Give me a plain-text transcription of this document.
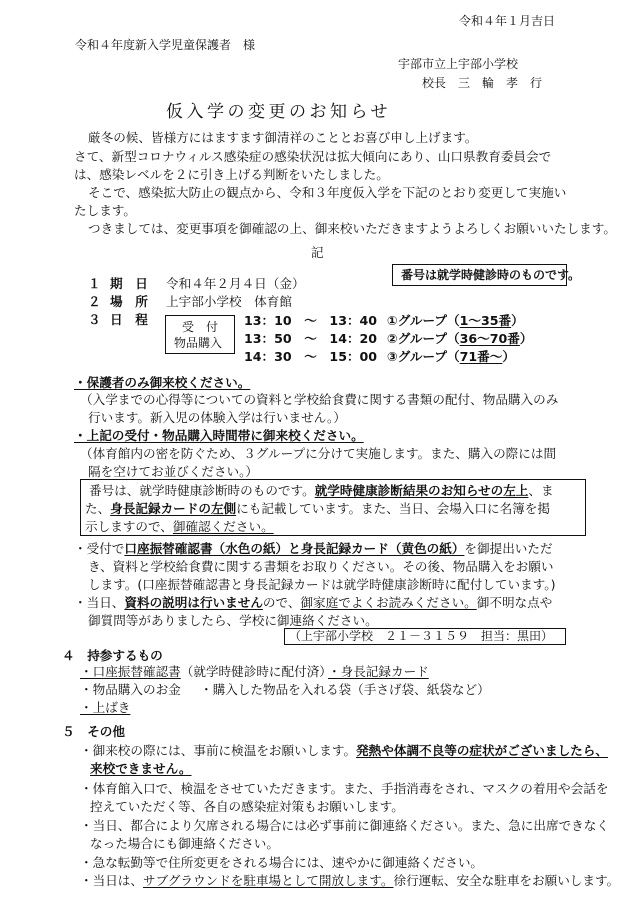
令和４年１月吉日
令和４年度新入学児童保護者　様
宇部市立上宇部小学校
校長　三　輪　孝　行
仮入学の変更のお知らせ
厳冬の候、皆様方にはますます御清祥のこととお喜び申し上げます。
さて、新型コロナウィルス感染症の感染状況は拡大傾向にあり、山口県教育委員会で
は、感染レベルを２に引き上げる判断をいたしました。
そこで、感染拡大防止の観点から、令和３年度仮入学を下記のとおり変更して実施い
たします。
つきましては、変更事項を御確認の上、御来校いただきますようよろしくお願いいたします。
記
番号は就学時健診時のものです。
１ 期　日 令和４年２月４日（金）
２ 場　所 上宇部小学校　体育館
３ 日　程	受　付
物品購入
13：10　～　13：40
13：50　～　14：20
14：30　～　15：00
①グループ（1～35番）
②グループ（36～70番）
③グループ（71番～）
・保護者のみ御来校ください。
（入学までの心得等についての資料と学校給食費に関する書類の配付、物品購入のみ
行います。新入児の体験入学は行いません。）
・上記の受付・物品購入時間帯に御来校ください。
（体育館内の密を防ぐため、３グループに分けて実施します。また、購入の際には間
隔を空けてお並びください。）
番号は、就学時健康診断時のものです。就学時健康診断結果のお知らせの左上、ま
た、身長記録カードの左側にも記載しています。また、当日、会場入口に名簿を掲
示しますので、御確認ください。
・受付で口座振替確認書（水色の紙）と身長記録カード（黄色の紙）を御提出いただ
き、資料と学校給食費に関する書類をお取りください。その後、物品購入をお願い
します。(口座振替確認書と身長記録カードは就学時健康診断時に配付しています。)
・当日、資料の説明は行いませんので、御家庭でよくお読みください。御不明な点や
御質問等がありましたら、学校に御連絡ください。
（上宇部小学校　２１－３１５９　担当：黒田）
４　持参するもの
・口座振替確認書（就学時健診時に配付済）
・身長記録カード
・物品購入のお金 ・購入した物品を入れる袋（手さげ袋、紙袋など）
・上ばき
５　その他
・御来校の際には、事前に検温をお願いします。発熱や体調不良等の症状がございましたら、
来校できません。
・体育館入口で、検温をさせていただきます。また、手指消毒をされ、マスクの着用や会話を
控えていただく等、各自の感染症対策もお願いします。
・当日、都合により欠席される場合には必ず事前に御連絡ください。また、急に出席できなく
なった場合にも御連絡ください。
・急な転勤等で住所変更をされる場合には、速やかに御連絡ください。
・当日は、サブグラウンドを駐車場として開放します。徐行運転、安全な駐車をお願いします。
